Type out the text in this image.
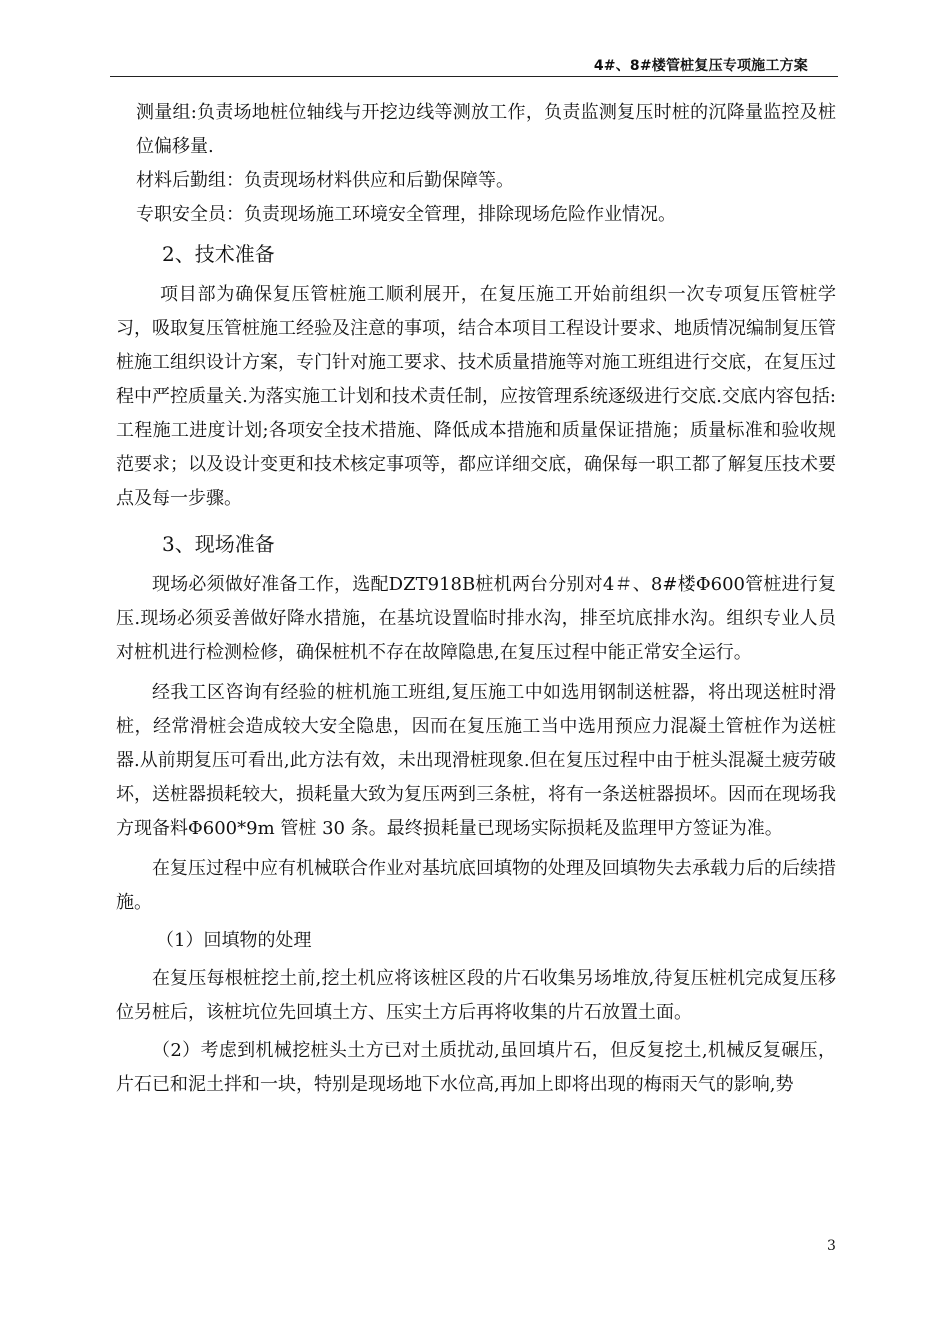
4#、8#楼管桩复压专项施工方案

测量组:负责场地桩位轴线与开挖边线等测放工作，负责监测复压时桩的沉降量监控及桩位偏移量.

材料后勤组：负责现场材料供应和后勤保障等。
专职安全员：负责现场施工环境安全管理，排除现场危险作业情况。
2、技术准备

项目部为确保复压管桩施工顺利展开，在复压施工开始前组织一次专项复压管桩学习，吸取复压管桩施工经验及注意的事项，结合本项目工程设计要求、地质情况编制复压管桩施工组织设计方案，专门针对施工要求、技术质量措施等对施工班组进行交底，在复压过程中严控质量关.为落实施工计划和技术责任制，应按管理系统逐级进行交底.交底内容包括:工程施工进度计划;各项安全技术措施、降低成本措施和质量保证措施；质量标准和验收规范要求；以及设计变更和技术核定事项等，都应详细交底，确保每一职工都了解复压技术要点及每一步骤。

3、现场准备

现场必须做好准备工作，选配DZT918B桩机两台分别对4＃、8#楼Φ600管桩进行复压.现场必须妥善做好降水措施，在基坑设置临时排水沟，排至坑底排水沟。组织专业人员对桩机进行检测检修，确保桩机不存在故障隐患,在复压过程中能正常安全运行。

经我工区咨询有经验的桩机施工班组,复压施工中如选用钢制送桩器，将出现送桩时滑桩，经常滑桩会造成较大安全隐患，因而在复压施工当中选用预应力混凝土管桩作为送桩器.从前期复压可看出,此方法有效，未出现滑桩现象.但在复压过程中由于桩头混凝土疲劳破坏，送桩器损耗较大，损耗量大致为复压两到三条桩，将有一条送桩器损坏。因而在现场我方现备料Φ600*9m 管桩 30 条。最终损耗量已现场实际损耗及监理甲方签证为准。

在复压过程中应有机械联合作业对基坑底回填物的处理及回填物失去承载力后的后续措施。

（1）回填物的处理

在复压每根桩挖土前,挖土机应将该桩区段的片石收集另场堆放,待复压桩机完成复压移位另桩后，该桩坑位先回填土方、压实土方后再将收集的片石放置土面。

（2）考虑到机械挖桩头土方已对土质扰动,虽回填片石，但反复挖土,机械反复碾压，片石已和泥土拌和一块，特别是现场地下水位高,再加上即将出现的梅雨天气的影响,势

3
